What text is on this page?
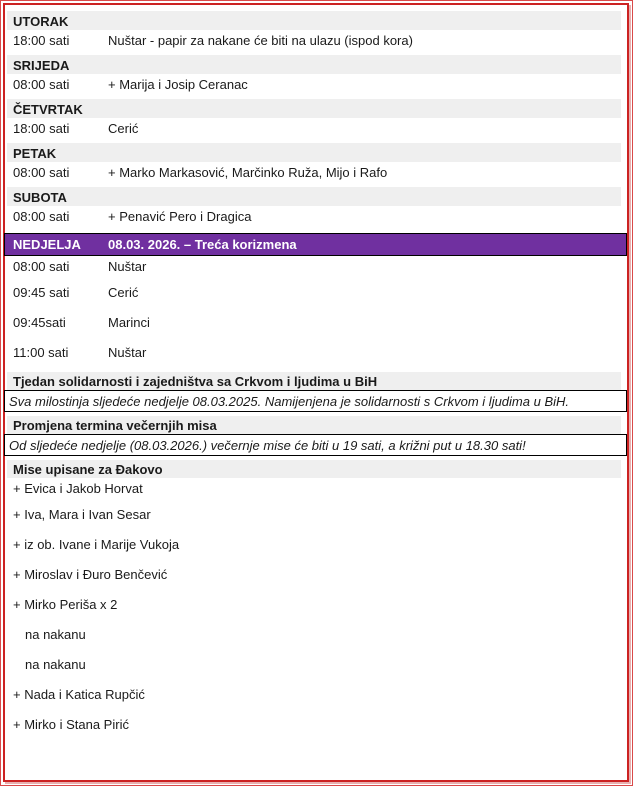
UTORAK
18:00 sati	Nuštar - papir za nakane će biti na ulazu (ispod kora)
SRIJEDA
08:00 sati	+ Marija i Josip Ceranac
ČETVRTAK
18:00 sati	Cerić
PETAK
08:00 sati	+ Marko Markasović, Marčinko Ruža, Mijo i Rafo
SUBOTA
08:00 sati	+ Penavić Pero i Dragica
NEDJELJA 08.03. 2026. – Treća korizmena
08:00 sati	Nuštar
09:45 sati	Cerić
09:45sati	Marinci
11:00 sati	Nuštar
Tjedan solidarnosti i zajedništva sa Crkvom i ljudima u BiH
Sva milostinja sljedeće nedjelje 08.03.2025. Namijenjena je solidarnosti s Crkvom i ljudima u BiH.
Promjena termina večernjih misa
Od sljedeće nedjelje (08.03.2026.) večernje mise će biti u 19 sati, a križni put u 18.30 sati!
Mise upisane za Đakovo
+ Evica i Jakob Horvat
+ Iva, Mara i Ivan Sesar
+ iz ob. Ivane i Marije Vukoja
+ Miroslav i Đuro Benčević
+ Mirko Periša x 2
na nakanu
na nakanu
+ Nada i Katica Rupčić
+ Mirko i Stana Pirić
